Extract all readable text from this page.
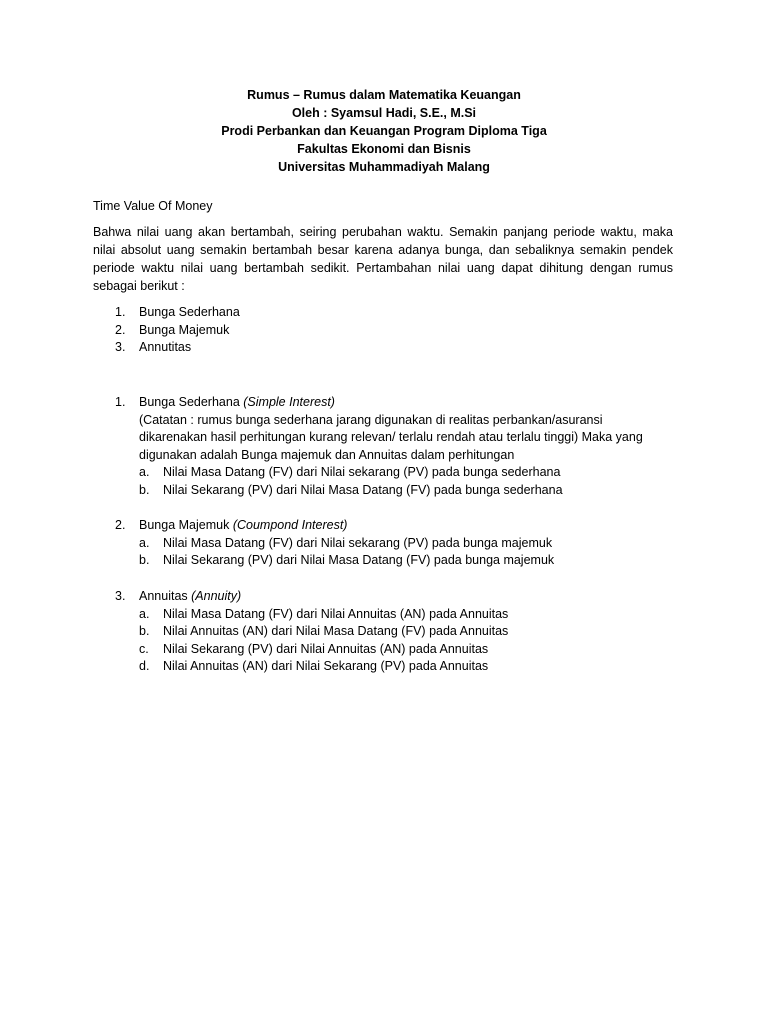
Rumus – Rumus dalam Matematika Keuangan
Oleh : Syamsul Hadi, S.E., M.Si
Prodi Perbankan dan Keuangan Program Diploma Tiga
Fakultas Ekonomi dan Bisnis
Universitas Muhammadiyah Malang
Time Value Of Money
Bahwa nilai uang akan bertambah, seiring perubahan waktu. Semakin panjang periode waktu, maka nilai absolut uang semakin bertambah besar karena adanya bunga, dan sebaliknya semakin pendek periode waktu nilai uang bertambah sedikit. Pertambahan nilai uang dapat dihitung dengan rumus sebagai berikut :
1.	Bunga Sederhana
2.	Bunga Majemuk
3.	Annutitas
1.	Bunga Sederhana (Simple Interest)
(Catatan : rumus bunga sederhana jarang digunakan di realitas perbankan/asuransi
dikarenakan hasil perhitungan kurang relevan/ terlalu rendah atau terlalu tinggi) Maka yang
digunakan adalah Bunga majemuk dan Annuitas dalam perhitungan
a.	Nilai Masa Datang (FV) dari Nilai sekarang (PV) pada bunga sederhana
b.	Nilai Sekarang (PV) dari Nilai Masa Datang (FV) pada bunga sederhana
2.	Bunga Majemuk (Coumpond Interest)
a.	Nilai Masa Datang (FV) dari Nilai sekarang (PV) pada bunga majemuk
b.	Nilai Sekarang (PV) dari Nilai Masa Datang (FV) pada bunga majemuk
3.	Annuitas (Annuity)
a.	Nilai Masa Datang (FV) dari Nilai Annuitas (AN) pada Annuitas
b.	Nilai Annuitas (AN) dari Nilai Masa Datang (FV) pada Annuitas
c.	Nilai Sekarang (PV) dari Nilai Annuitas (AN) pada Annuitas
d.	Nilai Annuitas (AN) dari Nilai Sekarang (PV) pada Annuitas
